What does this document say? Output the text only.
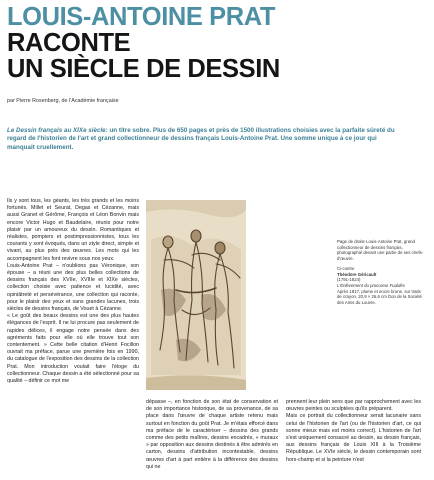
LOUIS-ANTOINE PRAT
RACONTE
UN SIÈCLE DE DESSIN
par Pierre Rosenberg, de l'Académie française
Le Dessin français au XIXe siècle: un titre sobre. Plus de 650 pages et près de 1500 illustrations choisies avec la parfaite sûreté du regard de l'historien de l'art et grand collectionneur de dessins français Louis-Antoine Prat. Une somme unique à ce jour qui manquait cruellement.

Ils y sont tous, les géants, les très grands et les moins fortunés. Millet et Seurat, Degas et Cézanne, mais aussi Granet et Gérôme, François et Léon Bonvin mais encore Victor Hugo et Baudelaire, réunis pour notre plaisir par un amoureux du dessin. Romantiques et réalistes, pompiers et postimpressionnistes, tous les courants y sont évoqués, dans un style direct, simple et vivant, au plus près des œuvres. Les mots qui les accompagnent les font revivre sous nos yeux.

Louis-Antoine Prat – n'oublions pas Véronique, son épouse – a réuni une des plus belles collections de dessins français des XVIIe, XVIIIe et XIXe siècles, collection choisie avec patience et lucidité, avec opiniâtreté et persévérance, une collection qui raconte, pour le plaisir des yeux et sans grandes lacunes, trois siècles de dessins français, de Vouet à Cézanne.

« Le goût des beaux dessins est une des plus hautes élégances de l'esprit. Il ne lui procure pas seulement de rapides délices, il engage notre pensée dans des agréments faits pour elle où elle trouve tout son contentement. » Cette belle citation d'Henri Focillon ouvrait ma préface, parue une première fois en 1990, du catalogue de l'exposition des dessins de la collection Prat. Mon introduction voulait faire l'éloge du collectionneur. Chaque dessin a été sélectionné pour sa qualité – définir ce mot me

Page de droite Louis-Antoine Prat, grand collectionneur de dessins français, photographié devant une partie de ses chefs-d'œuvre.

Ci-contre
Théodore Géricault
(1791-1824)
L'Enlèvement du procureur Fualdès
Après 1817, plume et encre brune, sur traits de crayon, 20,9 × 26,6 cm Don de la Société des Amis du Louvre.

dépasse –, en fonction de son état de conservation et de son importance historique, de sa provenance, de sa place dans l'œuvre de chaque artiste retenu mais surtout en fonction du goût Prat. Je m'étais efforcé dans ma préface de le caractériser – dessins des grands comme des petits maîtres, dessins encadrés, « muraux » par opposition aux dessins destinés à être admirés en carton, dessins d'attribution incontestable, dessins œuvres d'art à part entière à la différence des dessins qui ne

prennent leur plein sens que par rapprochement avec les œuvres peintes ou sculptées qu'ils préparent.

Mais ce portrait du collectionneur serait lacunaire sans celui de l'historien de l'art (ou de l'historien d'art, ce qui sonne mieux mais est moins correct). L'historien de l'art s'est uniquement consacré au dessin, au dessin français, aux dessins français de Louis XIII à la Troisième République. Le XVIe siècle, le dessin contemporain sont hors-champ et si la peinture n'est
